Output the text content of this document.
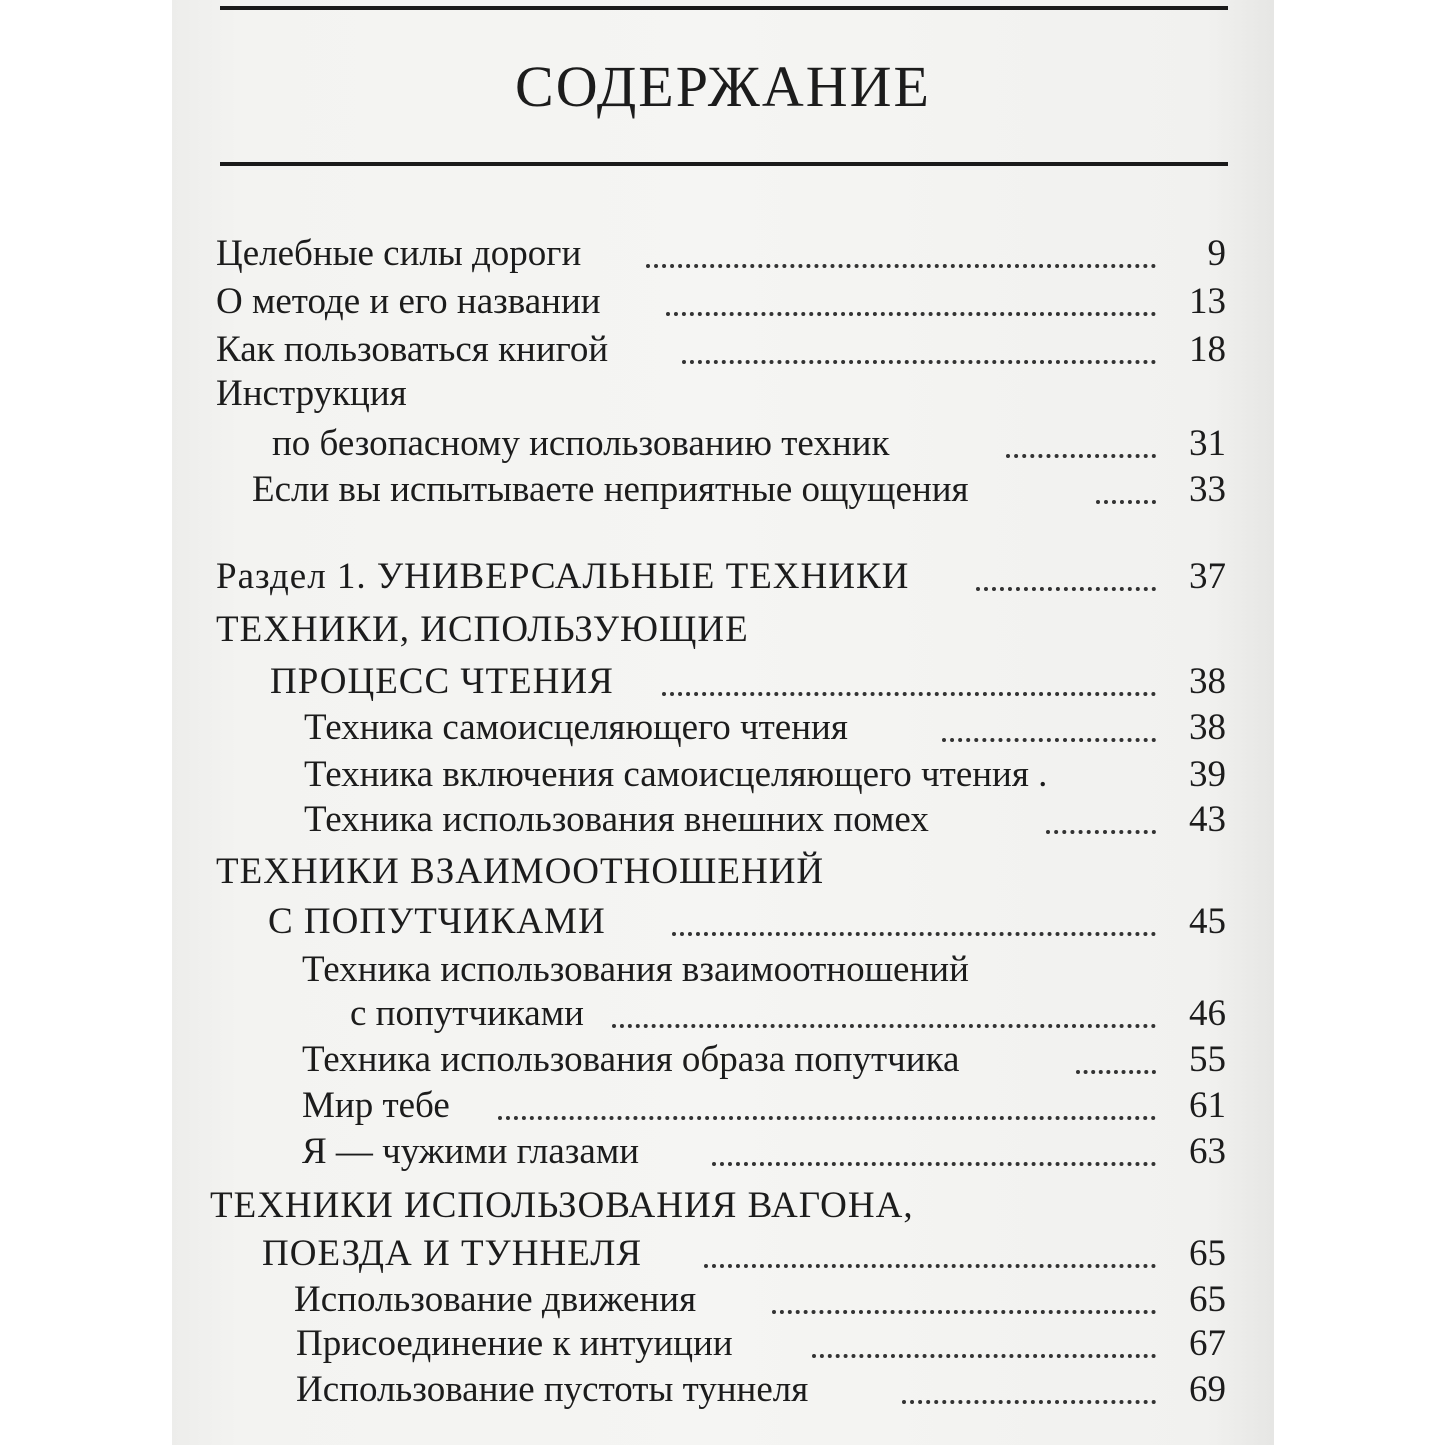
СОДЕРЖАНИЕ
Целебные силы дороги	9
О методе и его названии	13
Как пользоваться книгой	18
Инструкция
по безопасному использованию техник	31
Если вы испытываете неприятные ощущения	33
Раздел 1. УНИВЕРСАЛЬНЫЕ ТЕХНИКИ	37
ТЕХНИКИ, ИСПОЛЬЗУЮЩИЕ
ПРОЦЕСС ЧТЕНИЯ	38
Техника самоисцеляющего чтения	38
Техника включения самоисцеляющего чтения .	39
Техника использования внешних помех	43
ТЕХНИКИ ВЗАИМООТНОШЕНИЙ
С ПОПУТЧИКАМИ	45
Техника использования взаимоотношений
с попутчиками	46
Техника использования образа попутчика	55
Мир тебе	61
Я — чужими глазами	63
ТЕХНИКИ ИСПОЛЬЗОВАНИЯ ВАГОНА,
ПОЕЗДА И ТУННЕЛЯ	65
Использование движения	65
Присоединение к интуиции	67
Использование пустоты туннеля	69
